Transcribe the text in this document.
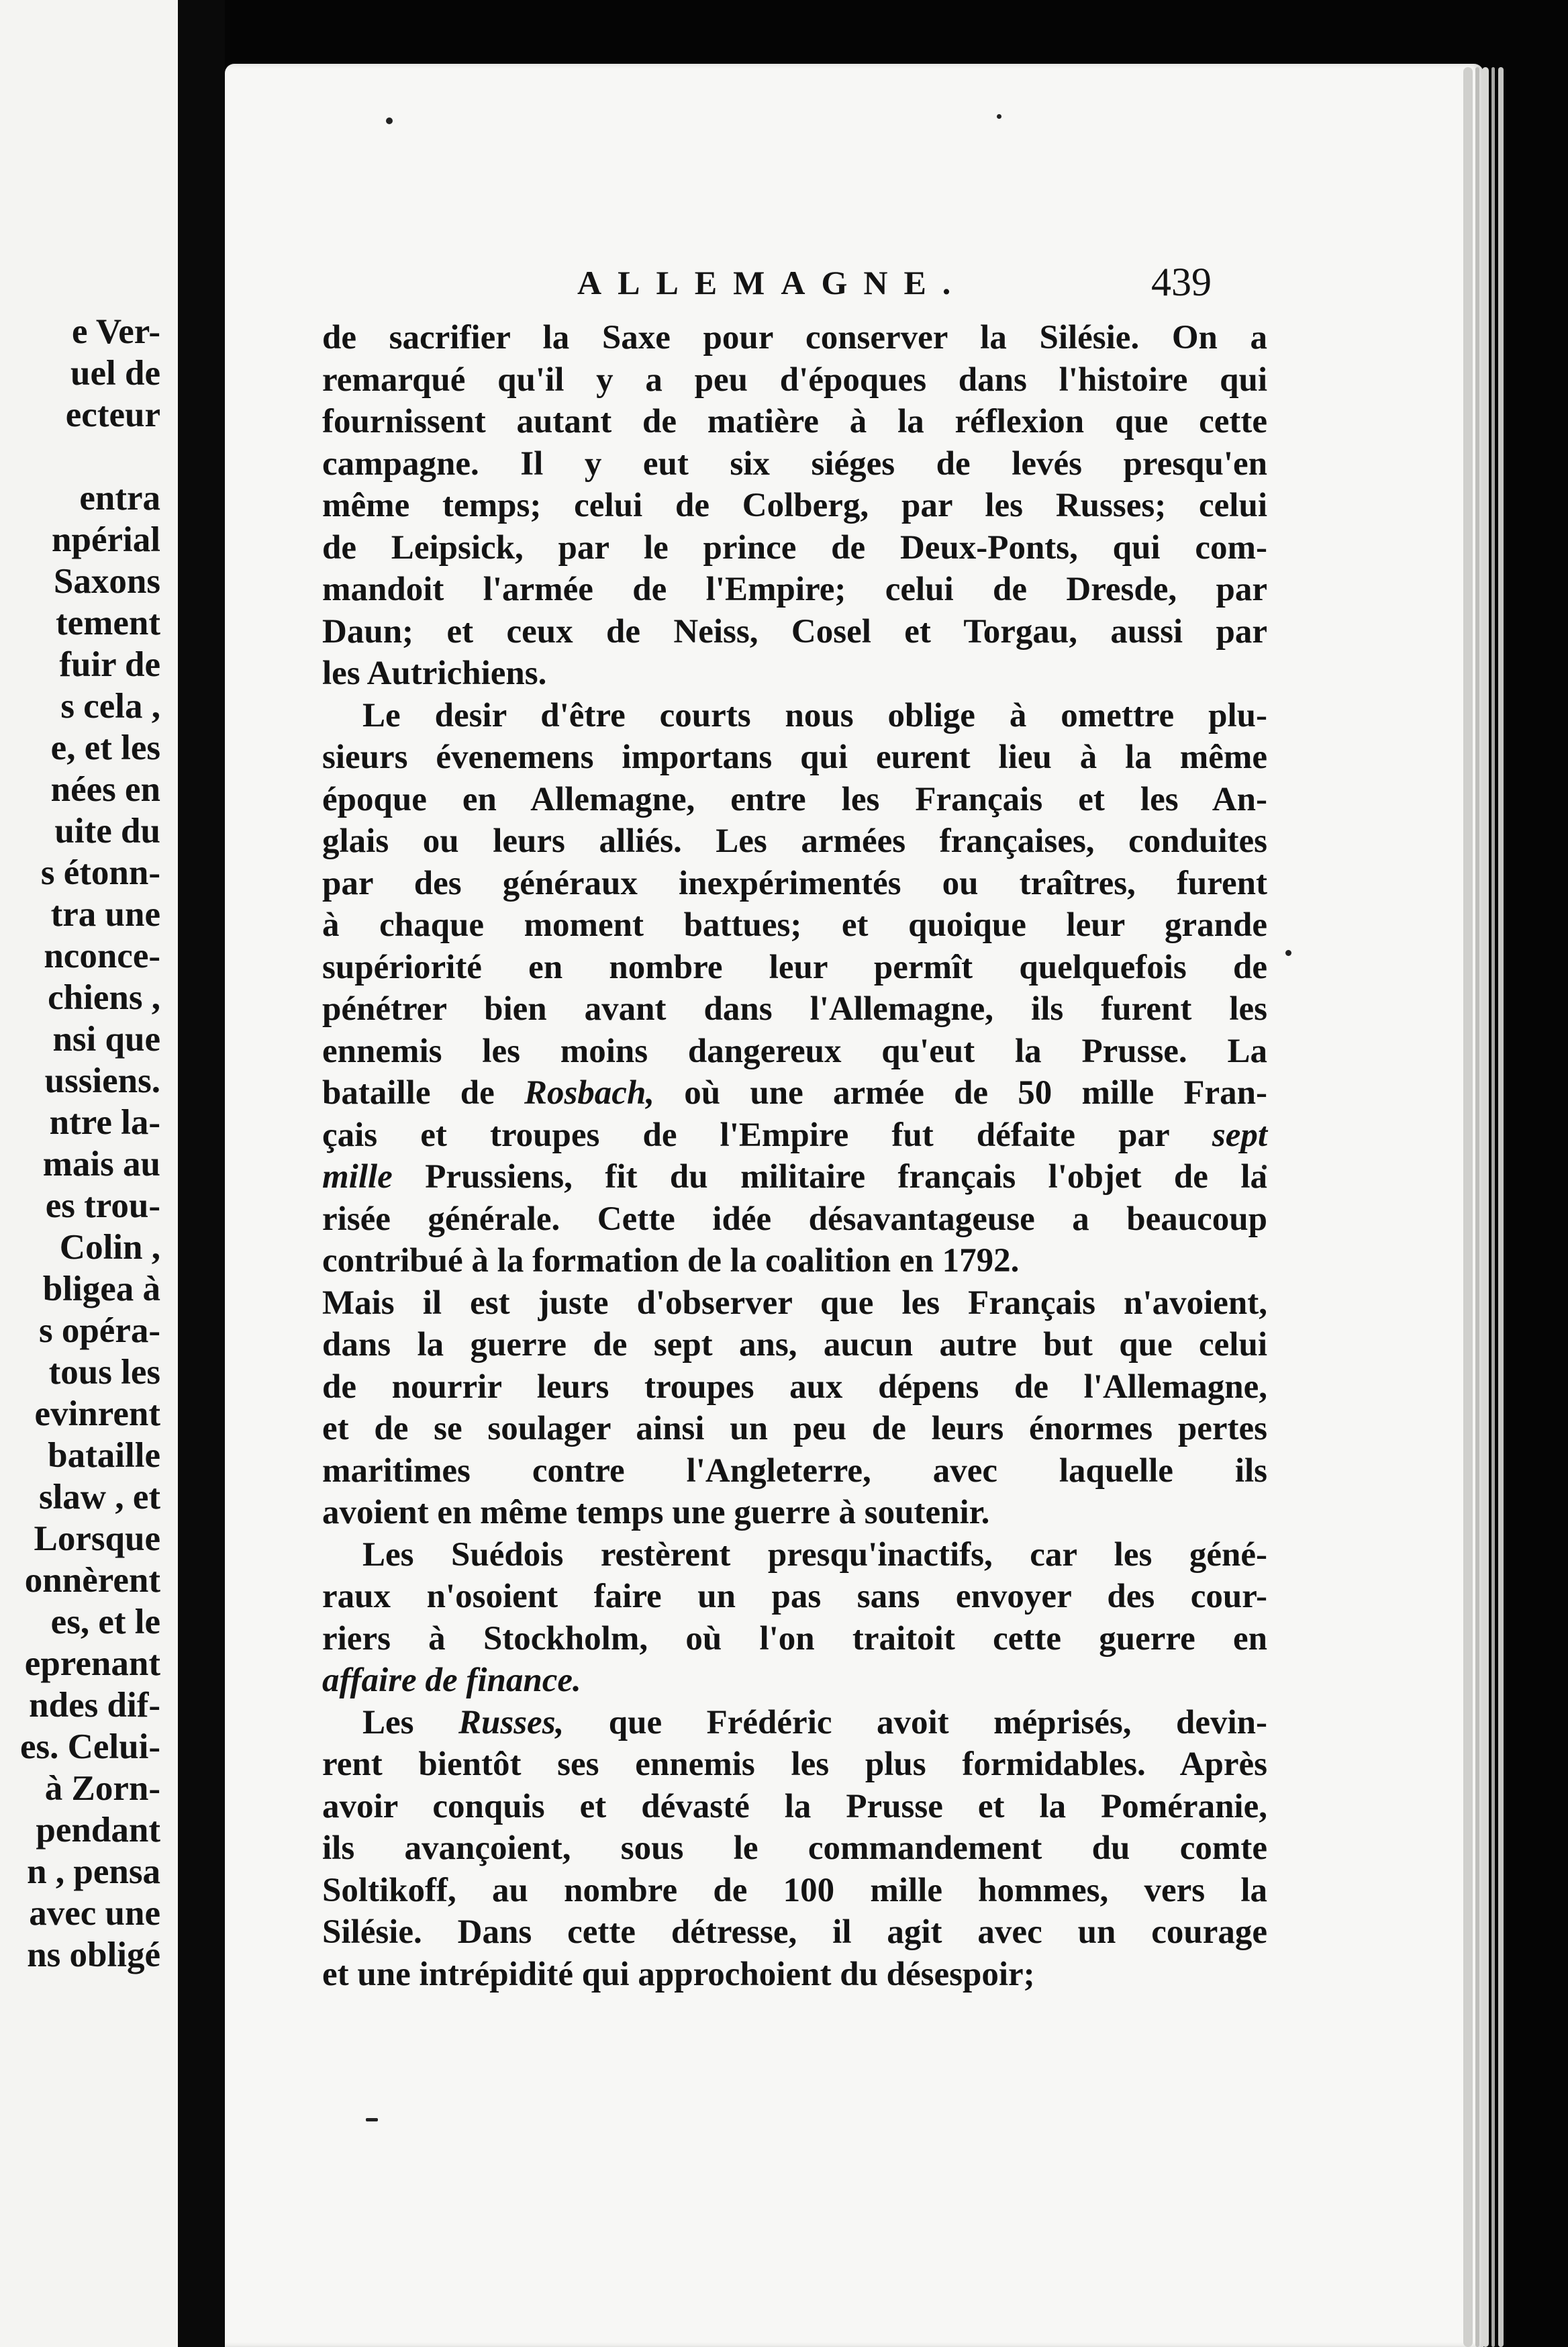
e Ver-
uel de
ecteur

entra
npérial
Saxons
tement
fuir de
s cela ,
e, et les
nées en
uite du
s étonn-
tra une
nconce-
chiens ,
nsi que
ussiens.
ntre la-
mais au
es trou-
Colin ,
bligea à
s opéra-
tous les
evinrent
bataille
slaw , et
Lorsque
onnèrent
es, et le
eprenant
ndes dif-
es. Celui-
à Zorn-
pendant
n , pensa
avec une
ns obligé
ALLEMAGNE.	439
de sacrifier la Saxe pour conserver la Silésie. On a
remarqué qu'il y a peu d'époques dans l'histoire qui
fournissent autant de matière à la réflexion que cette
campagne. Il y eut six siéges de levés presqu'en
même temps; celui de Colberg, par les Russes; celui
de Leipsick, par le prince de Deux-Ponts, qui com-
mandoit l'armée de l'Empire; celui de Dresde, par
Daun; et ceux de Neiss, Cosel et Torgau, aussi par
les Autrichiens.
Le desir d'être courts nous oblige à omettre plu-
sieurs évenemens importans qui eurent lieu à la même
époque en Allemagne, entre les Français et les An-
glais ou leurs alliés. Les armées françaises, conduites
par des généraux inexpérimentés ou traîtres, furent
à chaque moment battues; et quoique leur grande
supériorité en nombre leur permît quelquefois de
pénétrer bien avant dans l'Allemagne, ils furent les
ennemis les moins dangereux qu'eut la Prusse. La
bataille de Rosbach, où une armée de 50 mille Fran-
çais et troupes de l'Empire fut défaite par sept
mille Prussiens, fit du militaire français l'objet de la
risée générale. Cette idée désavantageuse a beaucoup
contribué à la formation de la coalition en 1792.
Mais il est juste d'observer que les Français n'avoient,
dans la guerre de sept ans, aucun autre but que celui
de nourrir leurs troupes aux dépens de l'Allemagne,
et de se soulager ainsi un peu de leurs énormes pertes
maritimes contre l'Angleterre, avec laquelle ils
avoient en même temps une guerre à soutenir.
Les Suédois restèrent presqu'inactifs, car les géné-
raux n'osoient faire un pas sans envoyer des cour-
riers à Stockholm, où l'on traitoit cette guerre en
affaire de finance.
Les Russes, que Frédéric avoit méprisés, devin-
rent bientôt ses ennemis les plus formidables. Après
avoir conquis et dévasté la Prusse et la Poméranie,
ils avançoient, sous le commandement du comte
Soltikoff, au nombre de 100 mille hommes, vers la
Silésie. Dans cette détresse, il agit avec un courage
et une intrépidité qui approchoient du désespoir;
